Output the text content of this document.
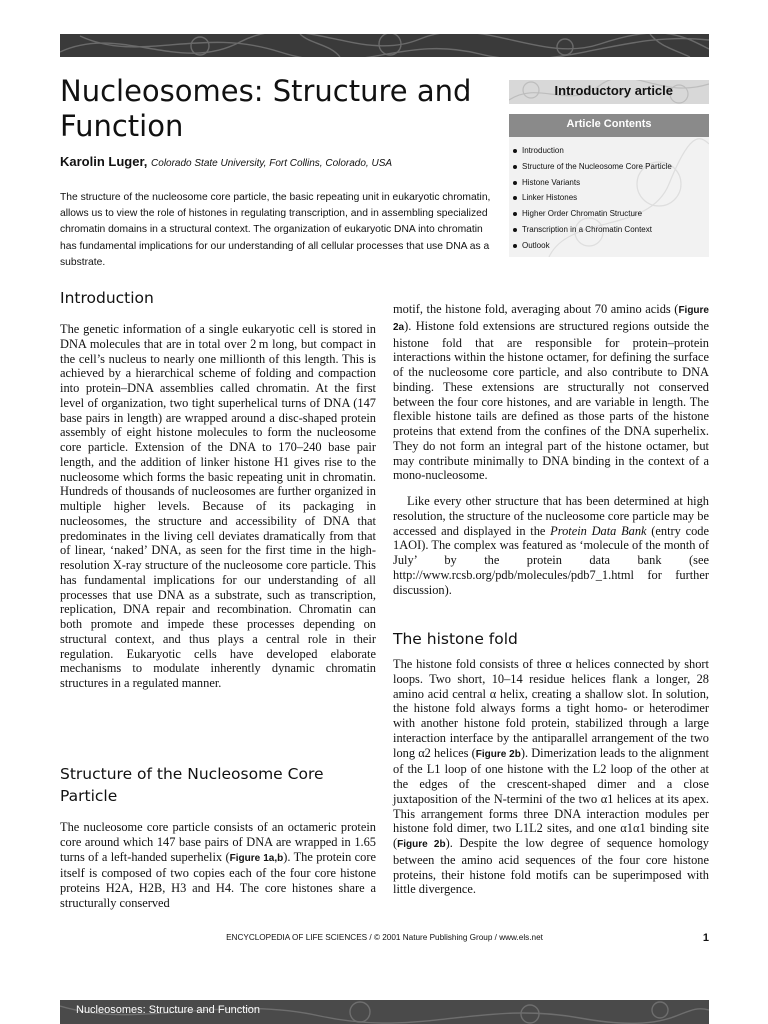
Nucleosomes: Structure and Function
Karolin Luger, Colorado State University, Fort Collins, Colorado, USA

The structure of the nucleosome core particle, the basic repeating unit in eukaryotic chromatin, allows us to view the role of histones in regulating transcription, and in assembling specialized chromatin domains in a structural context. The organization of eukaryotic DNA into chromatin has fundamental implications for our understanding of all cellular processes that use DNA as a substrate.

Introductory article
Article Contents
Introduction
Structure of the Nucleosome Core Particle
Histone Variants
Linker Histones
Higher Order Chromatin Structure
Transcription in a Chromatin Context
Outlook
Introduction

The genetic information of a single eukaryotic cell is stored in DNA molecules that are in total over 2 m long, but compact in the cell’s nucleus to nearly one millionth of this length. This is achieved by a hierarchical scheme of folding and compaction into protein–DNA assemblies called chromatin. At the first level of organization, two tight superhelical turns of DNA (147 base pairs in length) are wrapped around a disc-shaped protein assembly of eight histone molecules to form the nucleosome core particle. Extension of the DNA to 170–240 base pair length, and the addition of linker histone H1 gives rise to the nucleosome which forms the basic repeating unit in chromatin. Hundreds of thousands of nucleosomes are further organized in multiple higher levels. Because of its packaging in nucleosomes, the structure and accessibility of DNA that predominates in the living cell deviates dramatically from that of linear, ‘naked’ DNA, as seen for the first time in the high-resolution X-ray structure of the nucleosome core particle. This has fundamental implications for our understanding of all processes that use DNA as a substrate, such as transcription, replication, DNA repair and recombination. Chromatin can both promote and impede these processes depending on structural context, and thus plays a central role in their regulation. Eukaryotic cells have developed elaborate mechanisms to modulate inherently dynamic chromatin structures in a regulated manner.

Structure of the Nucleosome Core Particle

The nucleosome core particle consists of an octameric protein core around which 147 base pairs of DNA are wrapped in 1.65 turns of a left-handed superhelix (Figure 1a,b). The protein core itself is composed of two copies each of the four core histone proteins H2A, H2B, H3 and H4. The core histones share a structurally conserved

motif, the histone fold, averaging about 70 amino acids (Figure 2a). Histone fold extensions are structured regions outside the histone fold that are responsible for protein–protein interactions within the histone octamer, for defining the surface of the nucleosome core particle, and also contribute to DNA binding. These extensions are structurally not conserved between the four core histones, and are variable in length. The flexible histone tails are defined as those parts of the histone proteins that extend from the confines of the DNA superhelix. They do not form an integral part of the histone octamer, but may contribute minimally to DNA binding in the context of a mono-nucleosome.

Like every other structure that has been determined at high resolution, the structure of the nucleosome core particle may be accessed and displayed in the Protein Data Bank (entry code 1AOI). The complex was featured as ‘molecule of the month of July’ by the protein data bank (see http://www.rcsb.org/pdb/molecules/pdb7_1.html for further discussion).

The histone fold

The histone fold consists of three α helices connected by short loops. Two short, 10–14 residue helices flank a longer, 28 amino acid central α helix, creating a shallow slot. In solution, the histone fold always forms a tight homo- or heterodimer with another histone fold protein, stabilized through a large interaction interface by the antiparallel arrangement of the two long α2 helices (Figure 2b). Dimerization leads to the alignment of the L1 loop of one histone with the L2 loop of the other at the edges of the crescent-shaped dimer and a close juxtaposition of the N-termini of the two α1 helices at its apex. This arrangement forms three DNA interaction modules per histone fold dimer, two L1L2 sites, and one α1α1 binding site (Figure 2b). Despite the low degree of sequence homology between the amino acid sequences of the four core histone proteins, their histone fold motifs can be superimposed with little divergence.

ENCYCLOPEDIA OF LIFE SCIENCES / © 2001 Nature Publishing Group / www.els.net	1
Nucleosomes: Structure and Function
